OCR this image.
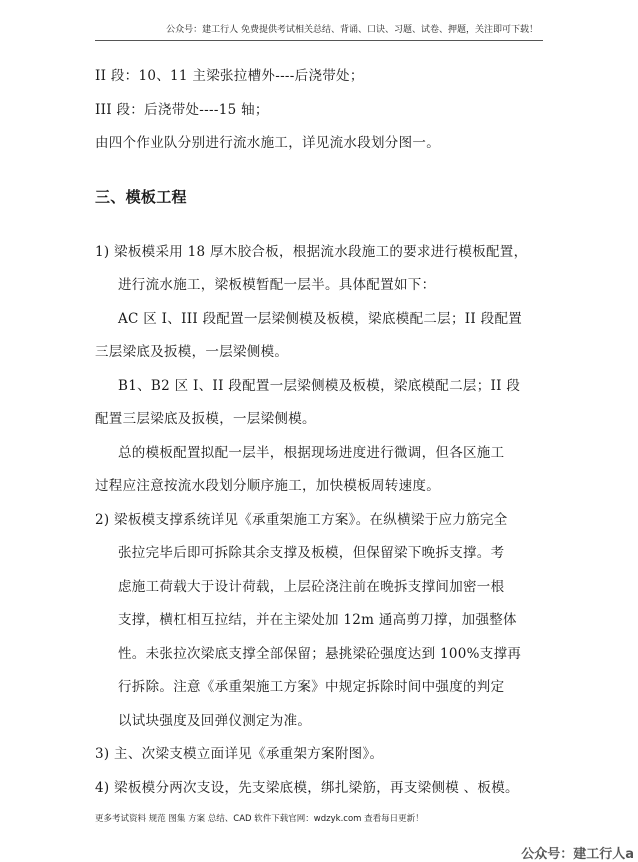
公众号：建工行人 免费提供考试相关总结、背诵、口诀、习题、试卷、押题，关注即可下载！
II 段：10、11 主梁张拉槽外----后浇带处；
III 段：后浇带处----15 轴；
由四个作业队分别进行流水施工，详见流水段划分图一。
三、模板工程
1) 梁板模采用 18 厚木胶合板，根据流水段施工的要求进行模板配置，
进行流水施工，梁板模暂配一层半。具体配置如下：
AC 区 I、III 段配置一层梁侧模及板模，梁底模配二层；II 段配置
三层梁底及扳模，一层梁侧模。
B1、B2 区 I、II 段配置一层梁侧模及板模，梁底模配二层；II 段
配置三层梁底及扳模，一层梁侧模。
总的模板配置拟配一层半，根据现场进度进行微调，但各区施工
过程应注意按流水段划分顺序施工，加快模板周转速度。
2) 梁板模支撑系统详见《承重架施工方案》。在纵横梁于应力筋完全
张拉完毕后即可拆除其余支撑及板模，但保留梁下晚拆支撑。考
虑施工荷载大于设计荷载，上层砼浇注前在晚拆支撑间加密一根
支撑，横杠相互拉结，并在主梁处加 12m 通高剪刀撑，加强整体
性。未张拉次梁底支撑全部保留；悬挑梁砼强度达到 100%支撑再
行拆除。注意《承重架施工方案》中规定拆除时间中强度的判定
以试块强度及回弹仪测定为准。
3) 主、次梁支模立面详见《承重架方案附图》。
4) 梁板模分两次支设，先支梁底模，绑扎梁筋，再支梁侧模 、板模。
更多考试资料 规范 图集 方案 总结、CAD 软件下载官网：wdzyk.com 查看每日更新！
公众号：建工行人a
